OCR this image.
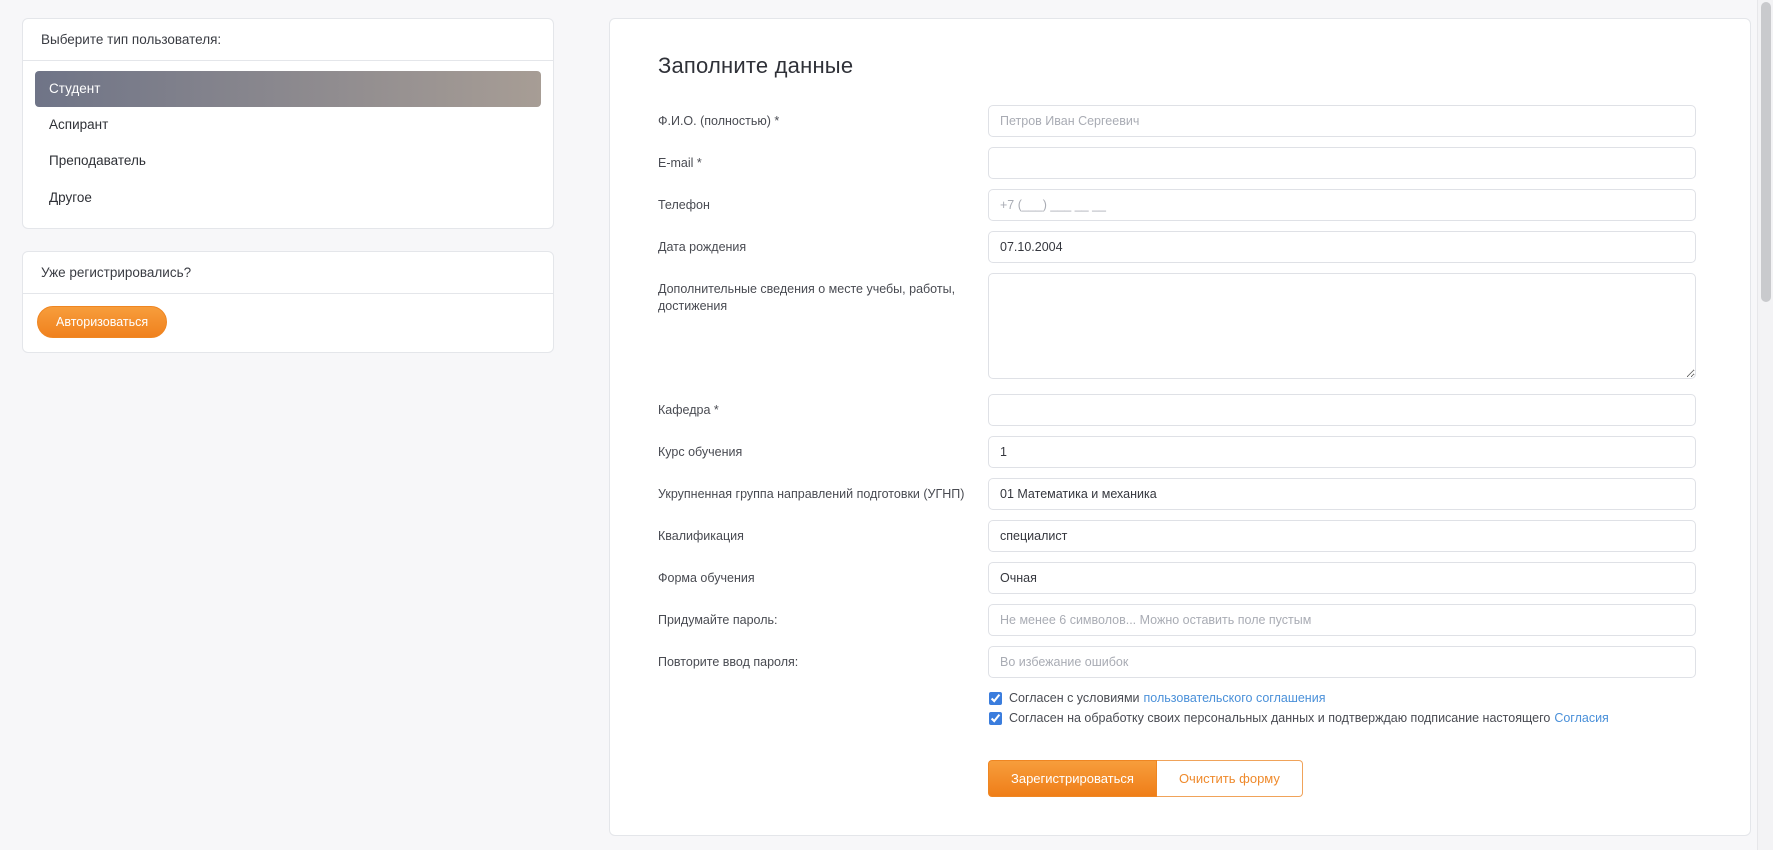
Выберите тип пользователя:
Студент
Аспирант
Преподаватель
Другое
Уже регистрировались?
Авторизоваться
Заполните данные
Ф.И.О. (полностью) *
Петров Иван Сергеевич
E-mail *
Телефон
+7 (___) ___ __ __
Дата рождения
07.10.2004
Дополнительные сведения о месте учебы, работы, достижения
Кафедра *
Курс обучения
1
Укрупненная группа направлений подготовки (УГНП)
01 Математика и механика
Квалификация
специалист
Форма обучения
Очная
Придумайте пароль:
Не менее 6 символов... Можно оставить поле пустым
Повторите ввод пароля:
Во избежание ошибок
Согласен с условиями пользовательского соглашения
Согласен на обработку своих персональных данных и подтверждаю подписание настоящего Согласия
Зарегистрироваться	Очистить форму
